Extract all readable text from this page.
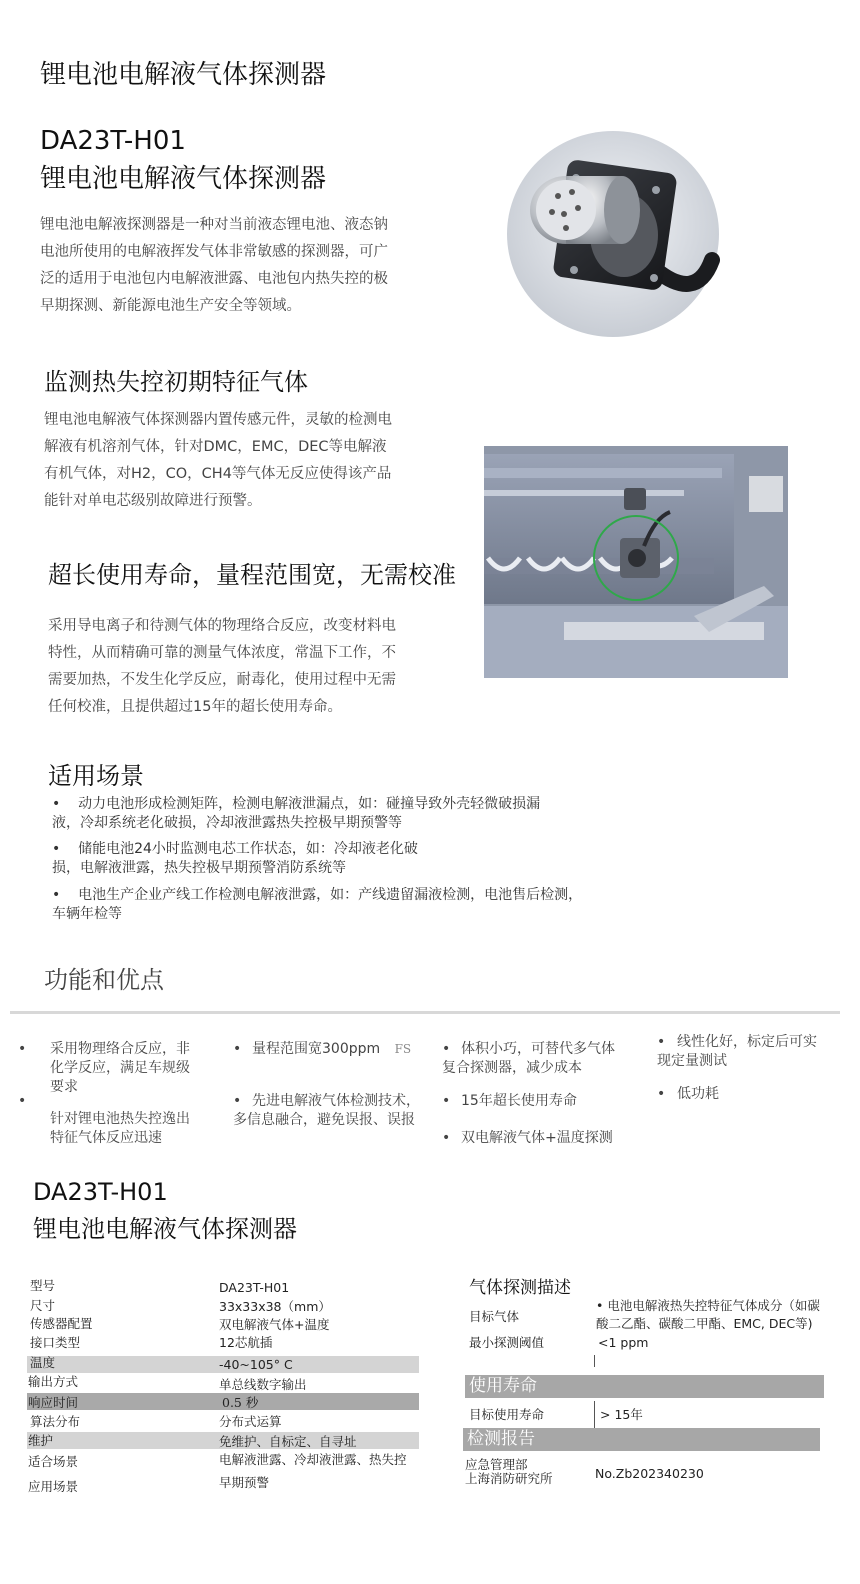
锂电池电解液气体探测器
DA23T-H01
锂电池电解液气体探测器
锂电池电解液探测器是一种对当前液态锂电池、液态钠
电池所使用的电解液挥发气体非常敏感的探测器，可广
泛的适用于电池包内电解液泄露、电池包内热失控的极
早期探测、新能源电池生产安全等领域。
监测热失控初期特征气体
锂电池电解液气体探测器内置传感元件，灵敏的检测电
解液有机溶剂气体，针对DMC，EMC，DEC等电解液
有机气体，对H2，CO，CH4等气体无反应使得该产品
能针对单电芯级别故障进行预警。
超长使用寿命，量程范围宽，无需校准
采用导电离子和待测气体的物理络合反应，改变材料电
特性，从而精确可靠的测量气体浓度，常温下工作，不
需要加热，不发生化学反应，耐毒化，使用过程中无需
任何校准，且提供超过15年的超长使用寿命。
适用场景
• 动力电池形成检测矩阵，检测电解液泄漏点，如：碰撞导致外壳轻微破损漏
液，冷却系统老化破损，冷却液泄露热失控极早期预警等
• 储能电池24小时监测电芯工作状态，如：冷却液老化破
损，电解液泄露，热失控极早期预警消防系统等
• 电池生产企业产线工作检测电解液泄露，如：产线遗留漏液检测，电池售后检测，
车辆年检等
功能和优点
• 采用物理络合反应，非
化学反应，满足车规级
要求
•
针对锂电池热失控逸出
特征气体反应迅速
• 量程范围宽300ppm FS
• 先进电解液气体检测技术，
多信息融合，避免误报、误报
• 体积小巧，可替代多气体
复合探测器，减少成本
• 15年超长使用寿命
• 双电解液气体+温度探测
• 线性化好，标定后可实
现定量测试
• 低功耗
DA23T-H01
锂电池电解液气体探测器
型号	DA23T-H01
尺寸	33x33x38（mm）
传感器配置	双电解液气体+温度
接口类型	12芯航插
温度	-40~105° C
输出方式	单总线数字输出
响应时间	0.5 秒
算法分布	分布式运算
维护	免维护、自标定、自寻址
适合场景	电解液泄露、冷却液泄露、热失控
应用场景	早期预警
气体探测描述
目标气体
• 电池电解液热失控特征气体成分（如碳
酸二乙酯、碳酸二甲酯、EMC, DEC等)
最小探测阈值	<1 ppm
使用寿命
目标使用寿命	> 15年
检测报告
应急管理部
上海消防研究所	No.Zb202340230
